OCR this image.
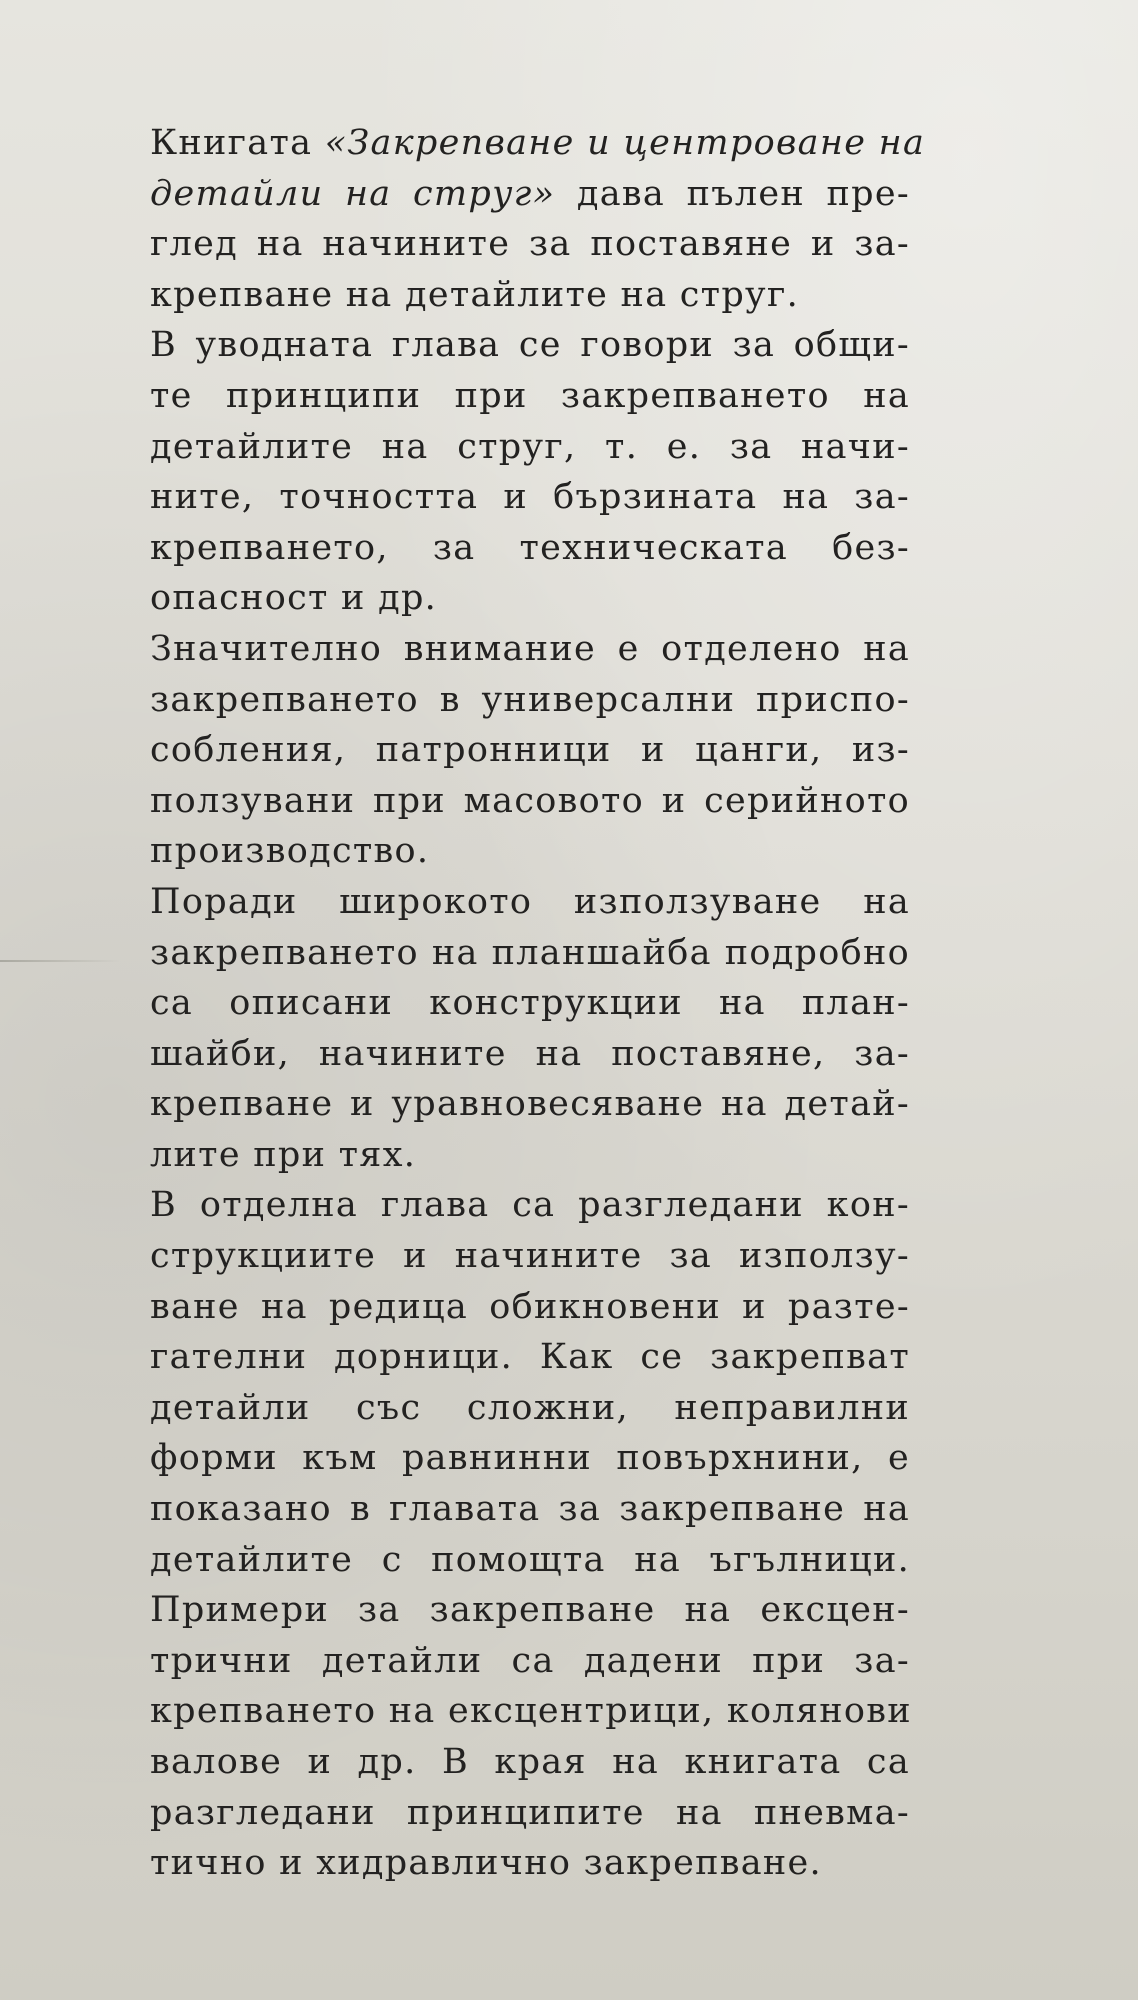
Книгата «Закрепване и центроване на
детайли на струг» дава пълен пре-
глед на начините за поставяне и за-
крепване на детайлите на струг.
В уводната глава се говори за общи-
те принципи при закрепването на
детайлите на струг, т. е. за начи-
ните, точността и бързината на за-
крепването, за техническата без-
опасност и др.
Значително внимание е отделено на
закрепването в универсални приспо-
собления, патронници и цанги, из-
ползувани при масовото и серийното
производство.
Поради широкото използуване на
закрепването на планшайба подробно
са описани конструкции на план-
шайби, начините на поставяне, за-
крепване и уравновесяване на детай-
лите при тях.
В отделна глава са разгледани кон-
струкциите и начините за използу-
ване на редица обикновени и разте-
гателни дорници. Как се закрепват
детайли със сложни, неправилни
форми към равнинни повърхнини, е
показано в главата за закрепване на
детайлите с помощта на ъгълници.
Примери за закрепване на ексцен-
трични детайли са дадени при за-
крепването на ексцентрици, колянови
валове и др. В края на книгата са
разгледани принципите на пневма-
тично и хидравлично закрепване.
